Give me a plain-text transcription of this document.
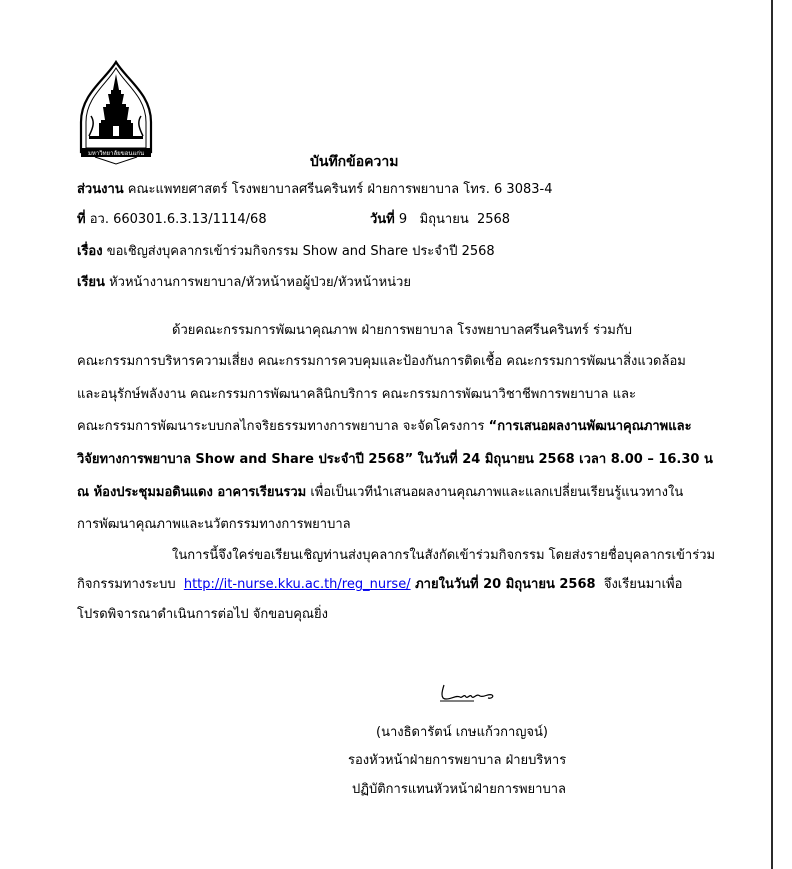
มหาวิทยาลัยขอนแก่น
บันทึกข้อความ
ส่วนงาน คณะแพทยศาสตร์ โรงพยาบาลศรีนครินทร์ ฝ่ายการพยาบาล โทร. 6 3083-4
ที่ อว. 660301.6.3.13/1114/68	วันที่ 9   มิถุนายน  2568
เรื่อง ขอเชิญส่งบุคลากรเข้าร่วมกิจกรรม Show and Share ประจำปี 2568
เรียน หัวหน้างานการพยาบาล/หัวหน้าหอผู้ป่วย/หัวหน้าหน่วย
ด้วยคณะกรรมการพัฒนาคุณภาพ ฝ่ายการพยาบาล โรงพยาบาลศรีนครินทร์ ร่วมกับ
คณะกรรมการบริหารความเสี่ยง คณะกรรมการควบคุมและป้องกันการติดเชื้อ คณะกรรมการพัฒนาสิ่งแวดล้อม
และอนุรักษ์พลังงาน คณะกรรมการพัฒนาคลินิกบริการ คณะกรรมการพัฒนาวิชาชีพการพยาบาล และ
คณะกรรมการพัฒนาระบบกลไกจริยธรรมทางการพยาบาล จะจัดโครงการ “การเสนอผลงานพัฒนาคุณภาพและ
วิจัยทางการพยาบาล Show and Share ประจำปี 2568” ในวันที่ 24 มิถุนายน 2568 เวลา 8.00 – 16.30 น
ณ ห้องประชุมมอดินแดง อาคารเรียนรวม เพื่อเป็นเวทีนำเสนอผลงานคุณภาพและแลกเปลี่ยนเรียนรู้แนวทางใน
การพัฒนาคุณภาพและนวัตกรรมทางการพยาบาล
ในการนี้จึงใคร่ขอเรียนเชิญท่านส่งบุคลากรในสังกัดเข้าร่วมกิจกรรม โดยส่งรายชื่อบุคลากรเข้าร่วม
กิจกรรมทางระบบ  http://it-nurse.kku.ac.th/reg_nurse/ ภายในวันที่ 20 มิถุนายน 2568  จึงเรียนมาเพื่อ
โปรดพิจารณาดำเนินการต่อไป จักขอบคุณยิ่ง
(นางธิดารัตน์ เกษแก้วกาญจน์)
รองหัวหน้าฝ่ายการพยาบาล ฝ่ายบริหาร
ปฏิบัติการแทนหัวหน้าฝ่ายการพยาบาล
